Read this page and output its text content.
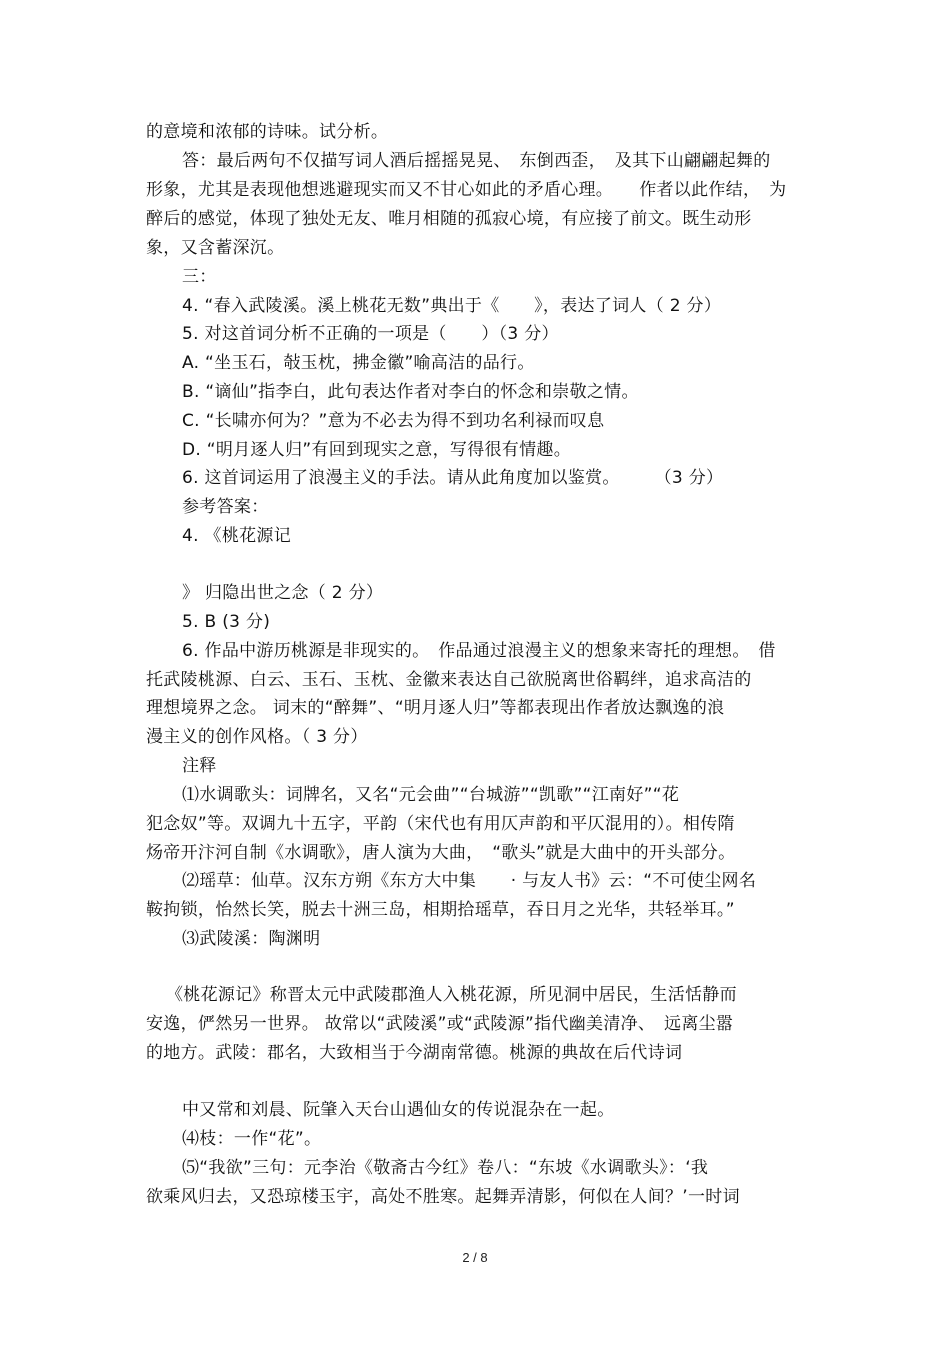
的意境和浓郁的诗味。试分析。
答：最后两句不仅描写词人酒后摇摇晃晃、　东倒西歪，　及其下山翩翩起舞的
形象，尤其是表现他想逃避现实而又不甘心如此的矛盾心理。　　作者以此作结，　为
醉后的感觉，体现了独处无友、唯月相随的孤寂心境，有应接了前文。既生动形
象，又含蓄深沉。
三：
4. “春入武陵溪。溪上桃花无数”典出于《　　》，表达了词人（ 2 分）
5. 对这首词分析不正确的一项是（　　）（3 分）
A. “坐玉石，敧玉枕，拂金徽”喻高洁的品行。
B. “谪仙”指李白，此句表达作者对李白的怀念和崇敬之情。
C. “长啸亦何为？”意为不必去为得不到功名利禄而叹息
D. “明月逐人归”有回到现实之意，写得很有情趣。
6. 这首词运用了浪漫主义的手法。请从此角度加以鉴赏。　　　（3 分）
参考答案：
4. 《桃花源记
》 归隐出世之念（ 2 分）
5. B (3 分)
6. 作品中游历桃源是非现实的。　作品通过浪漫主义的想象来寄托的理想。　借
托武陵桃源、白云、玉石、玉枕、金徽来表达自己欲脱离世俗羁绊，追求高洁的
理想境界之念。 词末的“醉舞”、“明月逐人归”等都表现出作者放达飘逸的浪
漫主义的创作风格。（ 3 分）
注释
⑴水调歌头：词牌名，又名“元会曲”“台城游”“凯歌”“江南好”“花
犯念奴”等。双调九十五字，平韵（宋代也有用仄声韵和平仄混用的）。相传隋
炀帝开汴河自制《水调歌》，唐人演为大曲，　“歌头”就是大曲中的开头部分。
⑵瑶草：仙草。汉东方朔《东方大中集　　· 与友人书》云：“不可使尘网名
鞍拘锁，怡然长笑，脱去十洲三岛，相期拾瑶草，吞日月之光华，共轻举耳。”
⑶武陵溪：陶渊明
《桃花源记》称晋太元中武陵郡渔人入桃花源，所见洞中居民，生活恬静而
安逸，俨然另一世界。 故常以“武陵溪”或“武陵源”指代幽美清净、　远离尘嚣
的地方。武陵：郡名，大致相当于今湖南常德。桃源的典故在后代诗词
中又常和刘晨、阮肇入天台山遇仙女的传说混杂在一起。
⑷枝：一作“花”。
⑸“我欲”三句：元李治《敬斋古今红》卷八：“东坡《水调歌头》：‘我
欲乘风归去，又恐琼楼玉宇，高处不胜寒。起舞弄清影，何似在人间？’一时词
2 / 8
